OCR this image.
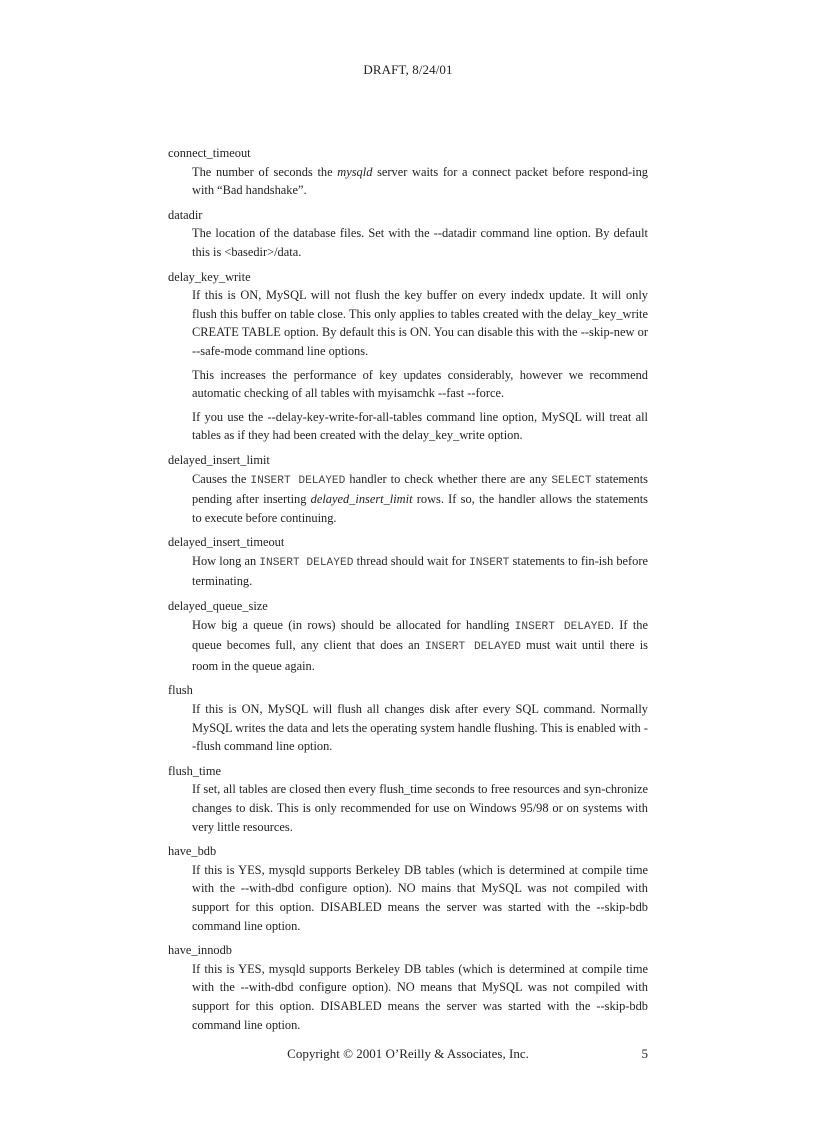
DRAFT, 8/24/01
connect_timeout

The number of seconds the mysqld server waits for a connect packet before respond-ing with “Bad handshake”.

datadir

The location of the database files. Set with the --datadir command line option. By default this is <basedir>/data.

delay_key_write

If this is ON, MySQL will not flush the key buffer on every indedx update. It will only flush this buffer on table close. This only applies to tables created with the delay_key_write CREATE TABLE option. By default this is ON. You can disable this with the --skip-new or --safe-mode command line options.

This increases the performance of key updates considerably, however we recommend automatic checking of all tables with myisamchk --fast --force.

If you use the --delay-key-write-for-all-tables command line option, MySQL will treat all tables as if they had been created with the delay_key_write option.

delayed_insert_limit

Causes the INSERT DELAYED handler to check whether there are any SELECT statements pending after inserting delayed_insert_limit rows. If so, the handler allows the statements to execute before continuing.

delayed_insert_timeout

How long an INSERT DELAYED thread should wait for INSERT statements to fin-ish before terminating.

delayed_queue_size

How big a queue (in rows) should be allocated for handling INSERT DELAYED. If the queue becomes full, any client that does an INSERT DELAYED must wait until there is room in the queue again.

flush

If this is ON, MySQL will flush all changes disk after every SQL command. Normally MySQL writes the data and lets the operating system handle flushing. This is enabled with --flush command line option.

flush_time

If set, all tables are closed then every flush_time seconds to free resources and syn-chronize changes to disk. This is only recommended for use on Windows 95/98 or on systems with very little resources.

have_bdb

If this is YES, mysqld supports Berkeley DB tables (which is determined at compile time with the --with-dbd configure option). NO mains that MySQL was not compiled with support for this option. DISABLED means the server was started with the --skip-bdb command line option.

have_innodb

If this is YES, mysqld supports Berkeley DB tables (which is determined at compile time with the --with-dbd configure option). NO means that MySQL was not compiled with support for this option. DISABLED means the server was started with the --skip-bdb command line option.

Copyright © 2001 O’Reilly & Associates, Inc.	5
